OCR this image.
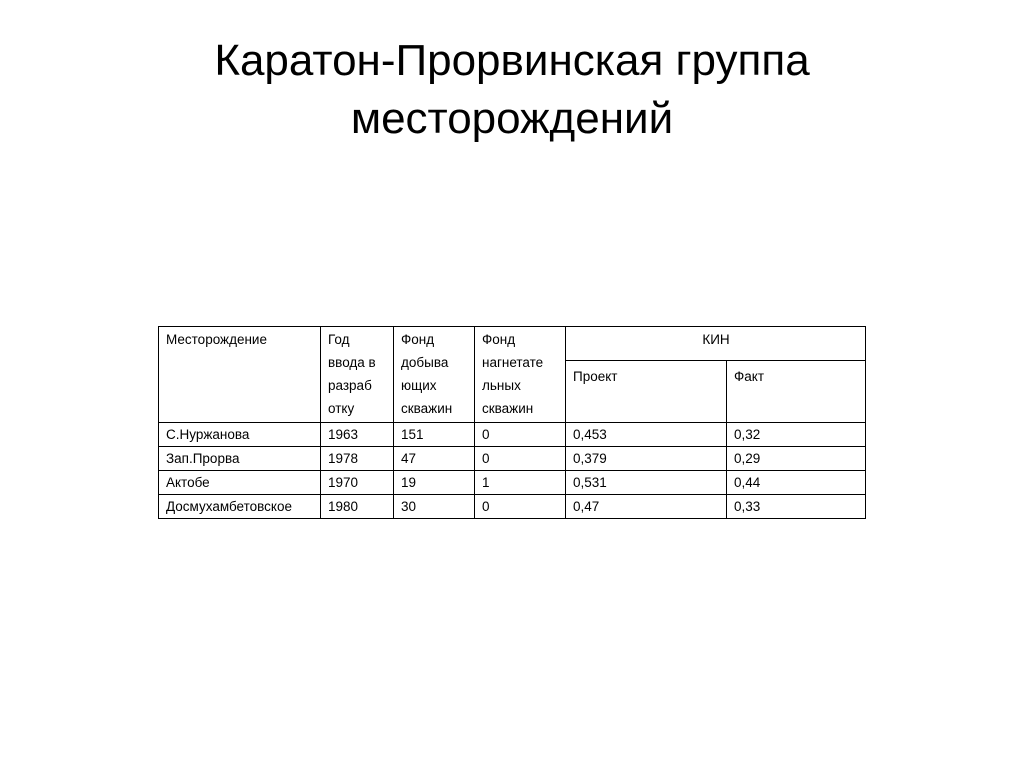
Каратон-Прорвинская группа
месторождений
Месторождение	Год ввода в разраб отку	Фонд добыва ющих скважин	Фонд нагнетате льных скважин	КИН	
				Проект	Факт
С.Нуржанова	1963	151	0	0,453	0,32
Зап.Прорва	1978	47	0	0,379	0,29
Актобе	1970	19	1	0,531	0,44
Досмухамбетовское	1980	30	0	0,47	0,33
